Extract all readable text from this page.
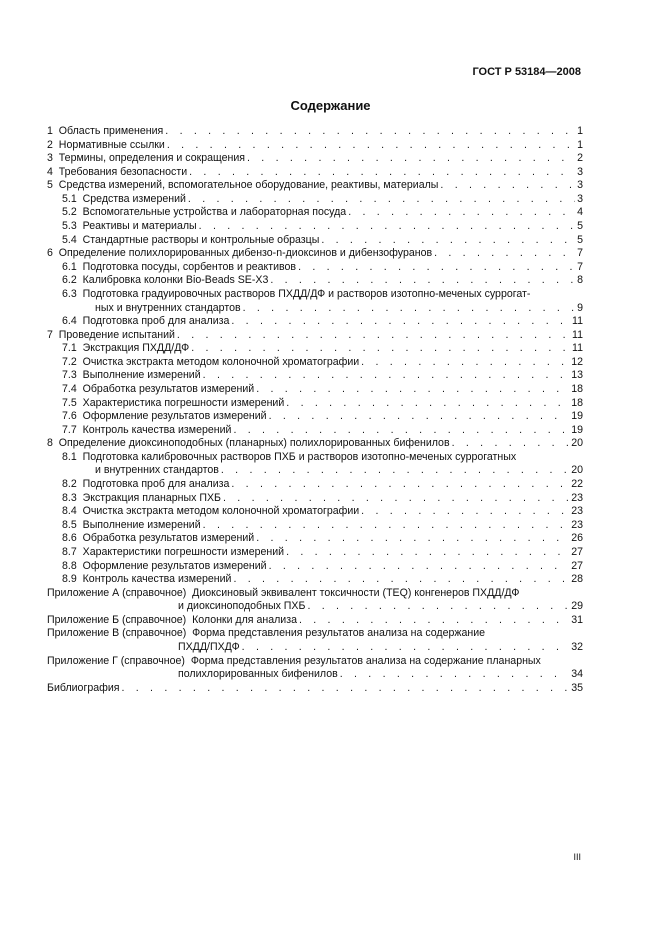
ГОСТ Р 53184—2008
Содержание
1 Область применения . . .	1
2 Нормативные ссылки . . .	1
3 Термины, определения и сокращения . . .	2
4 Требования безопасности . . .	3
5 Средства измерений, вспомогательное оборудование, реактивы, материалы . . .	3
5.1 Средства измерений . . .	3
5.2 Вспомогательные устройства и лабораторная посуда . . .	4
5.3 Реактивы и материалы . . .	5
5.4 Стандартные растворы и контрольные образцы . . .	5
6 Определение полихлорированных дибензо-n-диоксинов и дибензофуранов . . .	7
6.1 Подготовка посуды, сорбентов и реактивов . . .	7
6.2 Калибровка колонки Bio-Beads SE-X3 . . .	8
6.3 Подготовка градуировочных растворов ПХДД/ДФ и растворов изотопно-меченых суррогат-
ных и внутренних стандартов . . .	9
6.4 Подготовка проб для анализа . . .	11
7 Проведение испытаний . . .	11
7.1 Экстракция ПХДД/ДФ . . .	11
7.2 Очистка экстракта методом колоночной хроматографии . . .	12
7.3 Выполнение измерений . . .	13
7.4 Обработка результатов измерений . . .	18
7.5 Характеристика погрешности измерений . . .	18
7.6 Оформление результатов измерений . . .	19
7.7 Контроль качества измерений . . .	19
8 Определение диоксиноподобных (планарных) полихлорированных бифенилов . . .	20
8.1 Подготовка калибровочных растворов ПХБ и растворов изотопно-меченых суррогатных
и внутренних стандартов . . .	20
8.2 Подготовка проб для анализа . . .	22
8.3 Экстракция планарных ПХБ . . .	23
8.4 Очистка экстракта методом колоночной хроматографии . . .	23
8.5 Выполнение измерений . . .	23
8.6 Обработка результатов измерений . . .	26
8.7 Характеристики погрешности измерений . . .	27
8.8 Оформление результатов измерений . . .	27
8.9 Контроль качества измерений . . .	28
Приложение А (справочное) Диоксиновый эквивалент токсичности (TEQ) конгенеров ПХДД/ДФ
и диоксиноподобных ПХБ . . .	29
Приложение Б (справочное) Колонки для анализа . . .	31
Приложение В (справочное) Форма представления результатов анализа на содержание
ПХДД/ПХДФ . . .	32
Приложение Г (справочное) Форма представления результатов анализа на содержание планарных
полихлорированных бифенилов . . .	34
Библиография . . .	35
III
